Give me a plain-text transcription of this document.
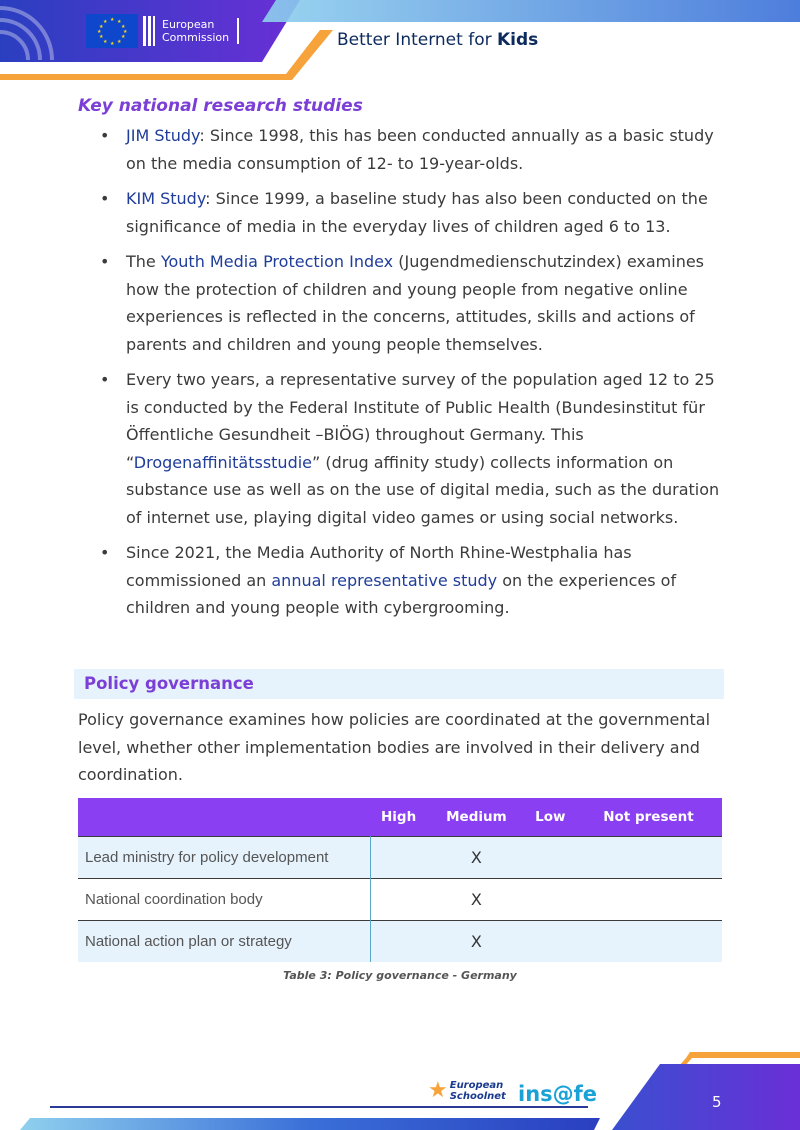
★ ★
★
★
★
★
★
★
★
★
★
★	European
Commission	Better Internet for Kids
Key national research studies
• JIM Study: Since 1998, this has been conducted annually as a basic study on the media consumption of 12- to 19-year-olds.
• KIM Study: Since 1999, a baseline study has also been conducted on the significance of media in the everyday lives of children aged 6 to 13.
• The Youth Media Protection Index (Jugendmedienschutzindex) examines how the protection of children and young people from negative online experiences is reflected in the concerns, attitudes, skills and actions of parents and children and young people themselves.
• Every two years, a representative survey of the population aged 12 to 25 is conducted by the Federal Institute of Public Health (Bundesinstitut für Öffentliche Gesundheit –BIÖG) throughout Germany. This “Drogenaffinitätsstudie” (drug affinity study) collects information on substance use as well as on the use of digital media, such as the duration of internet use, playing digital video games or using social networks.
• Since 2021, the Media Authority of North Rhine-Westphalia has commissioned an annual representative study on the experiences of children and young people with cybergrooming.
Policy governance
Policy governance examines how policies are coordinated at the governmental level, whether other implementation bodies are involved in their delivery and coordination.
	High	Medium	Low	Not present
Lead ministry for policy development		X		
National coordination body		X		
National action plan or strategy		X		
Table 3: Policy governance - Germany
★ European
Schoolnet ins@fe	5
